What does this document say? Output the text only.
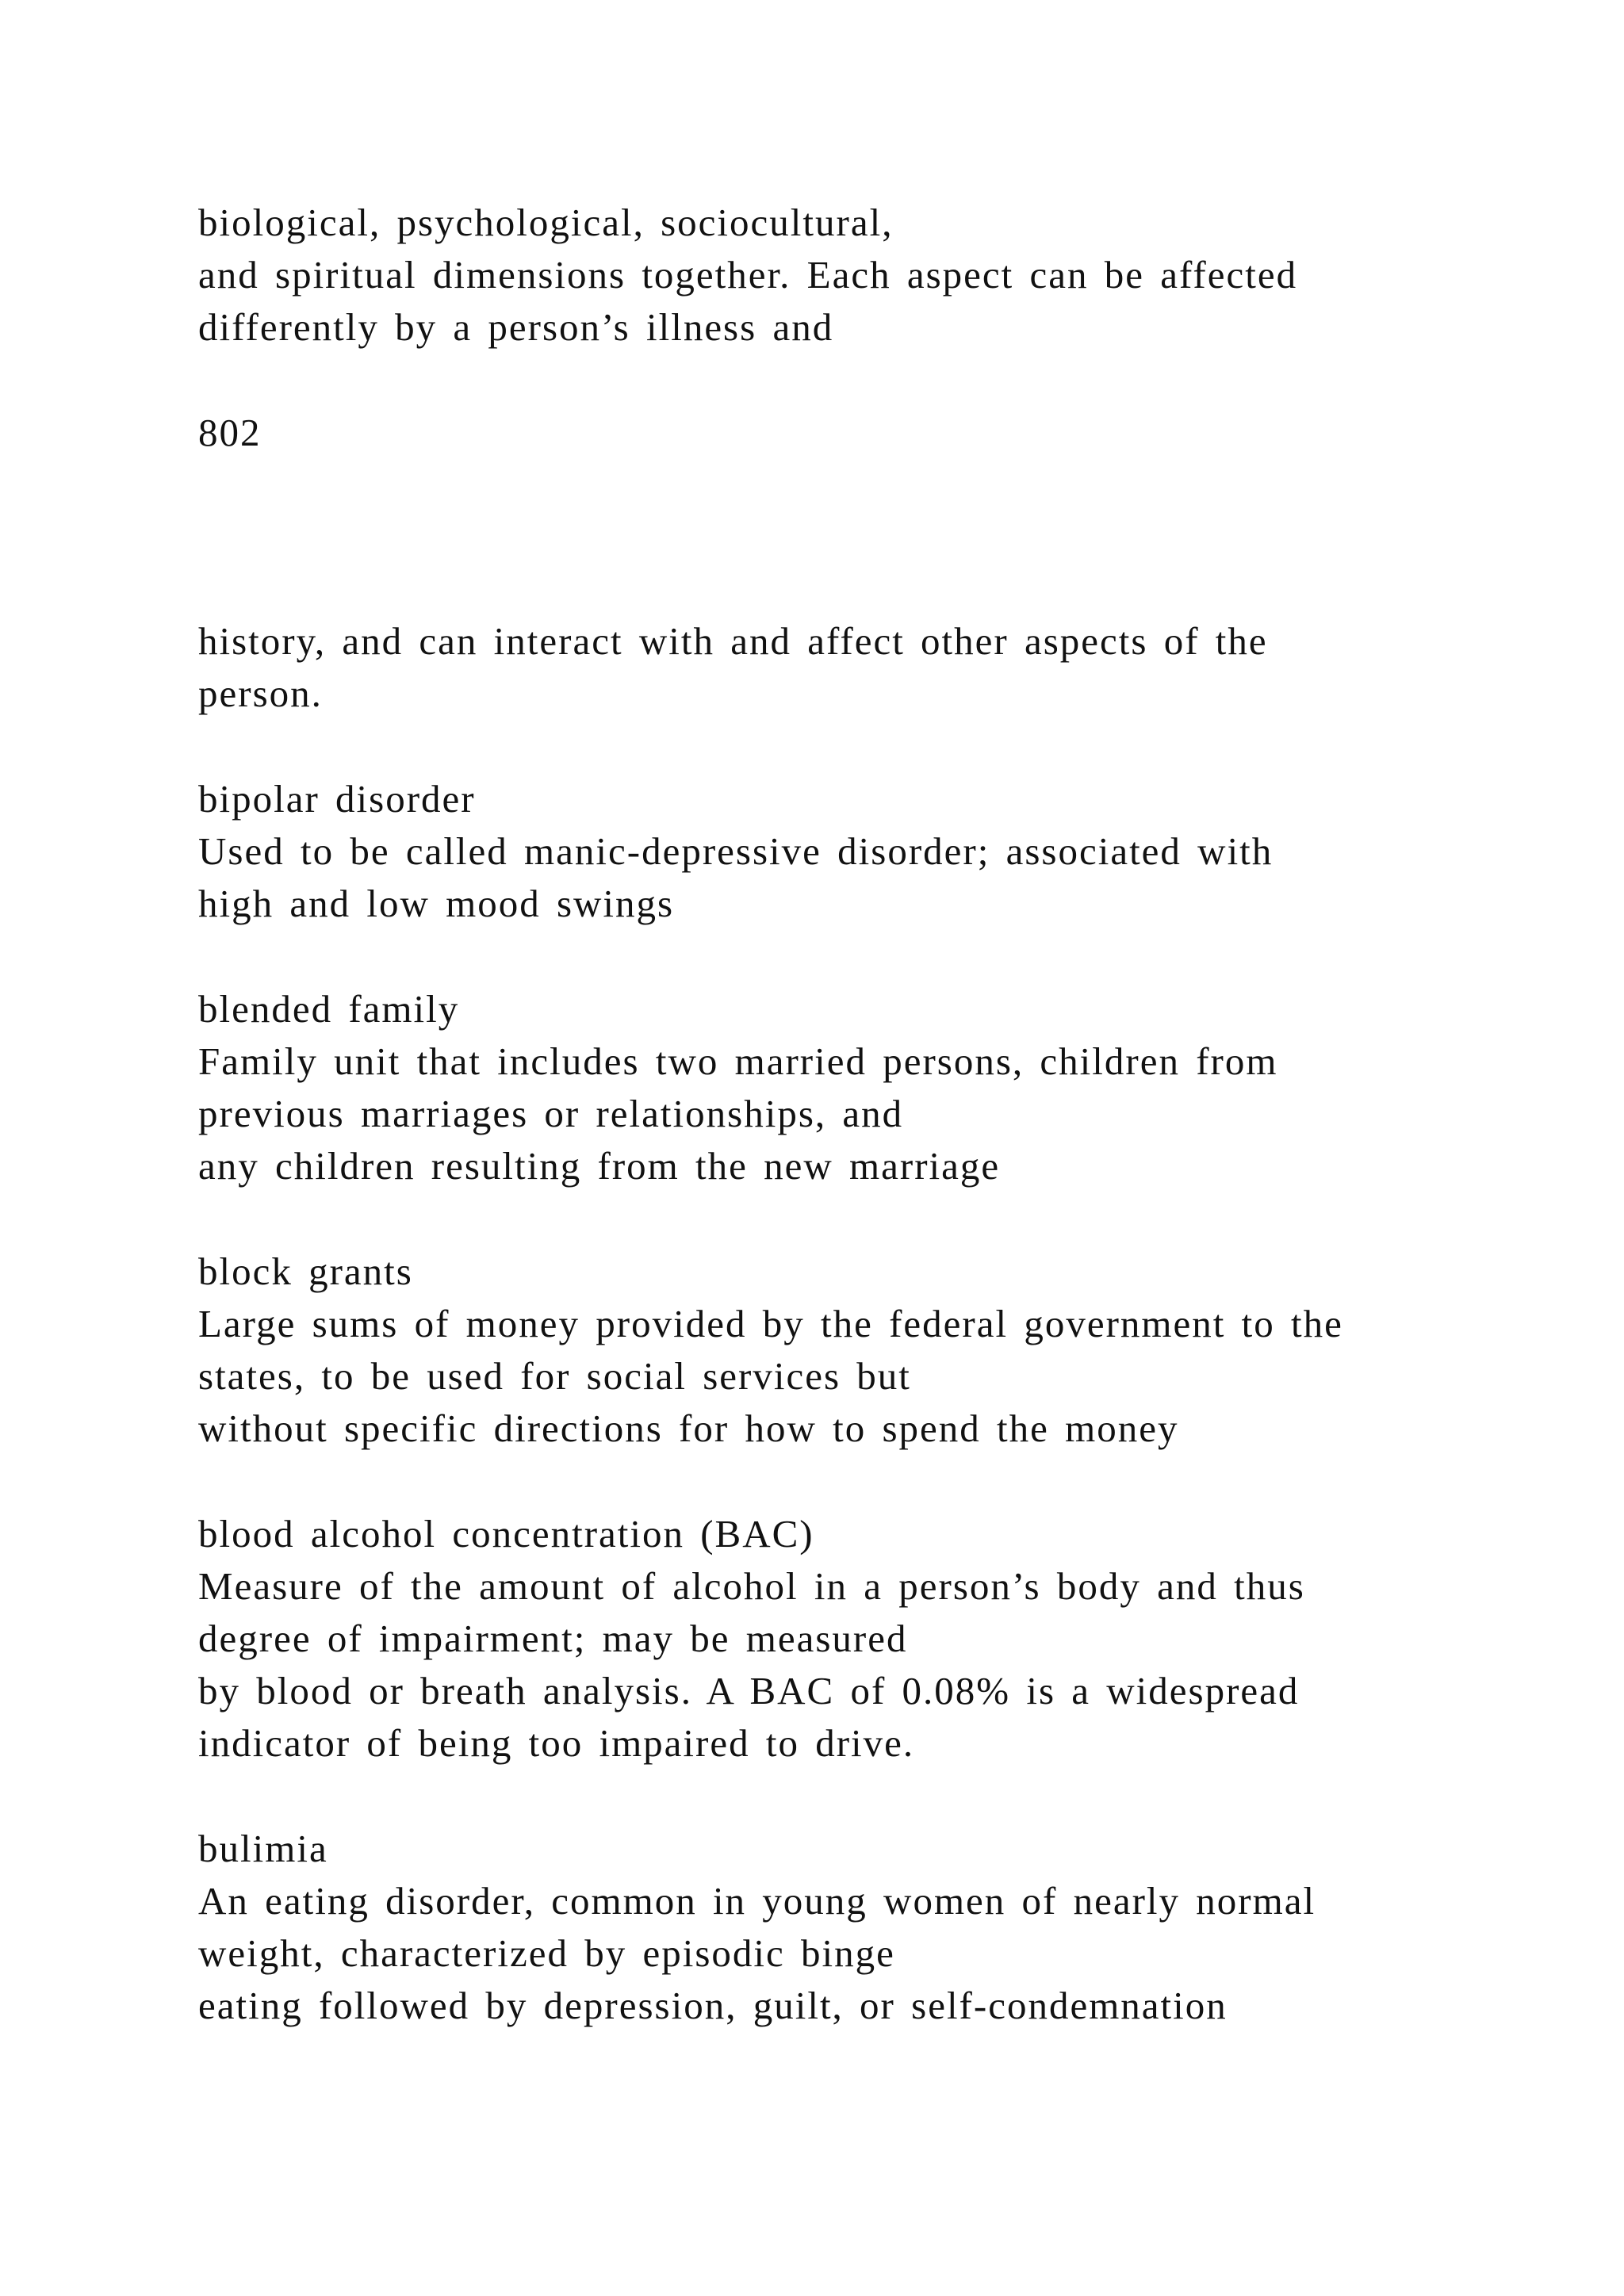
biological, psychological, sociocultural,
and spiritual dimensions together. Each aspect can be affected
differently by a person’s illness and
802
history, and can interact with and affect other aspects of the
person.
bipolar disorder
Used to be called manic-depressive disorder; associated with
high and low mood swings
blended family
Family unit that includes two married persons, children from
previous marriages or relationships, and
any children resulting from the new marriage
block grants
Large sums of money provided by the federal government to the
states, to be used for social services but
without specific directions for how to spend the money
blood alcohol concentration (BAC)
Measure of the amount of alcohol in a person’s body and thus
degree of impairment; may be measured
by blood or breath analysis. A BAC of 0.08% is a widespread
indicator of being too impaired to drive.
bulimia
An eating disorder, common in young women of nearly normal
weight, characterized by episodic binge
eating followed by depression, guilt, or self-condemnation
